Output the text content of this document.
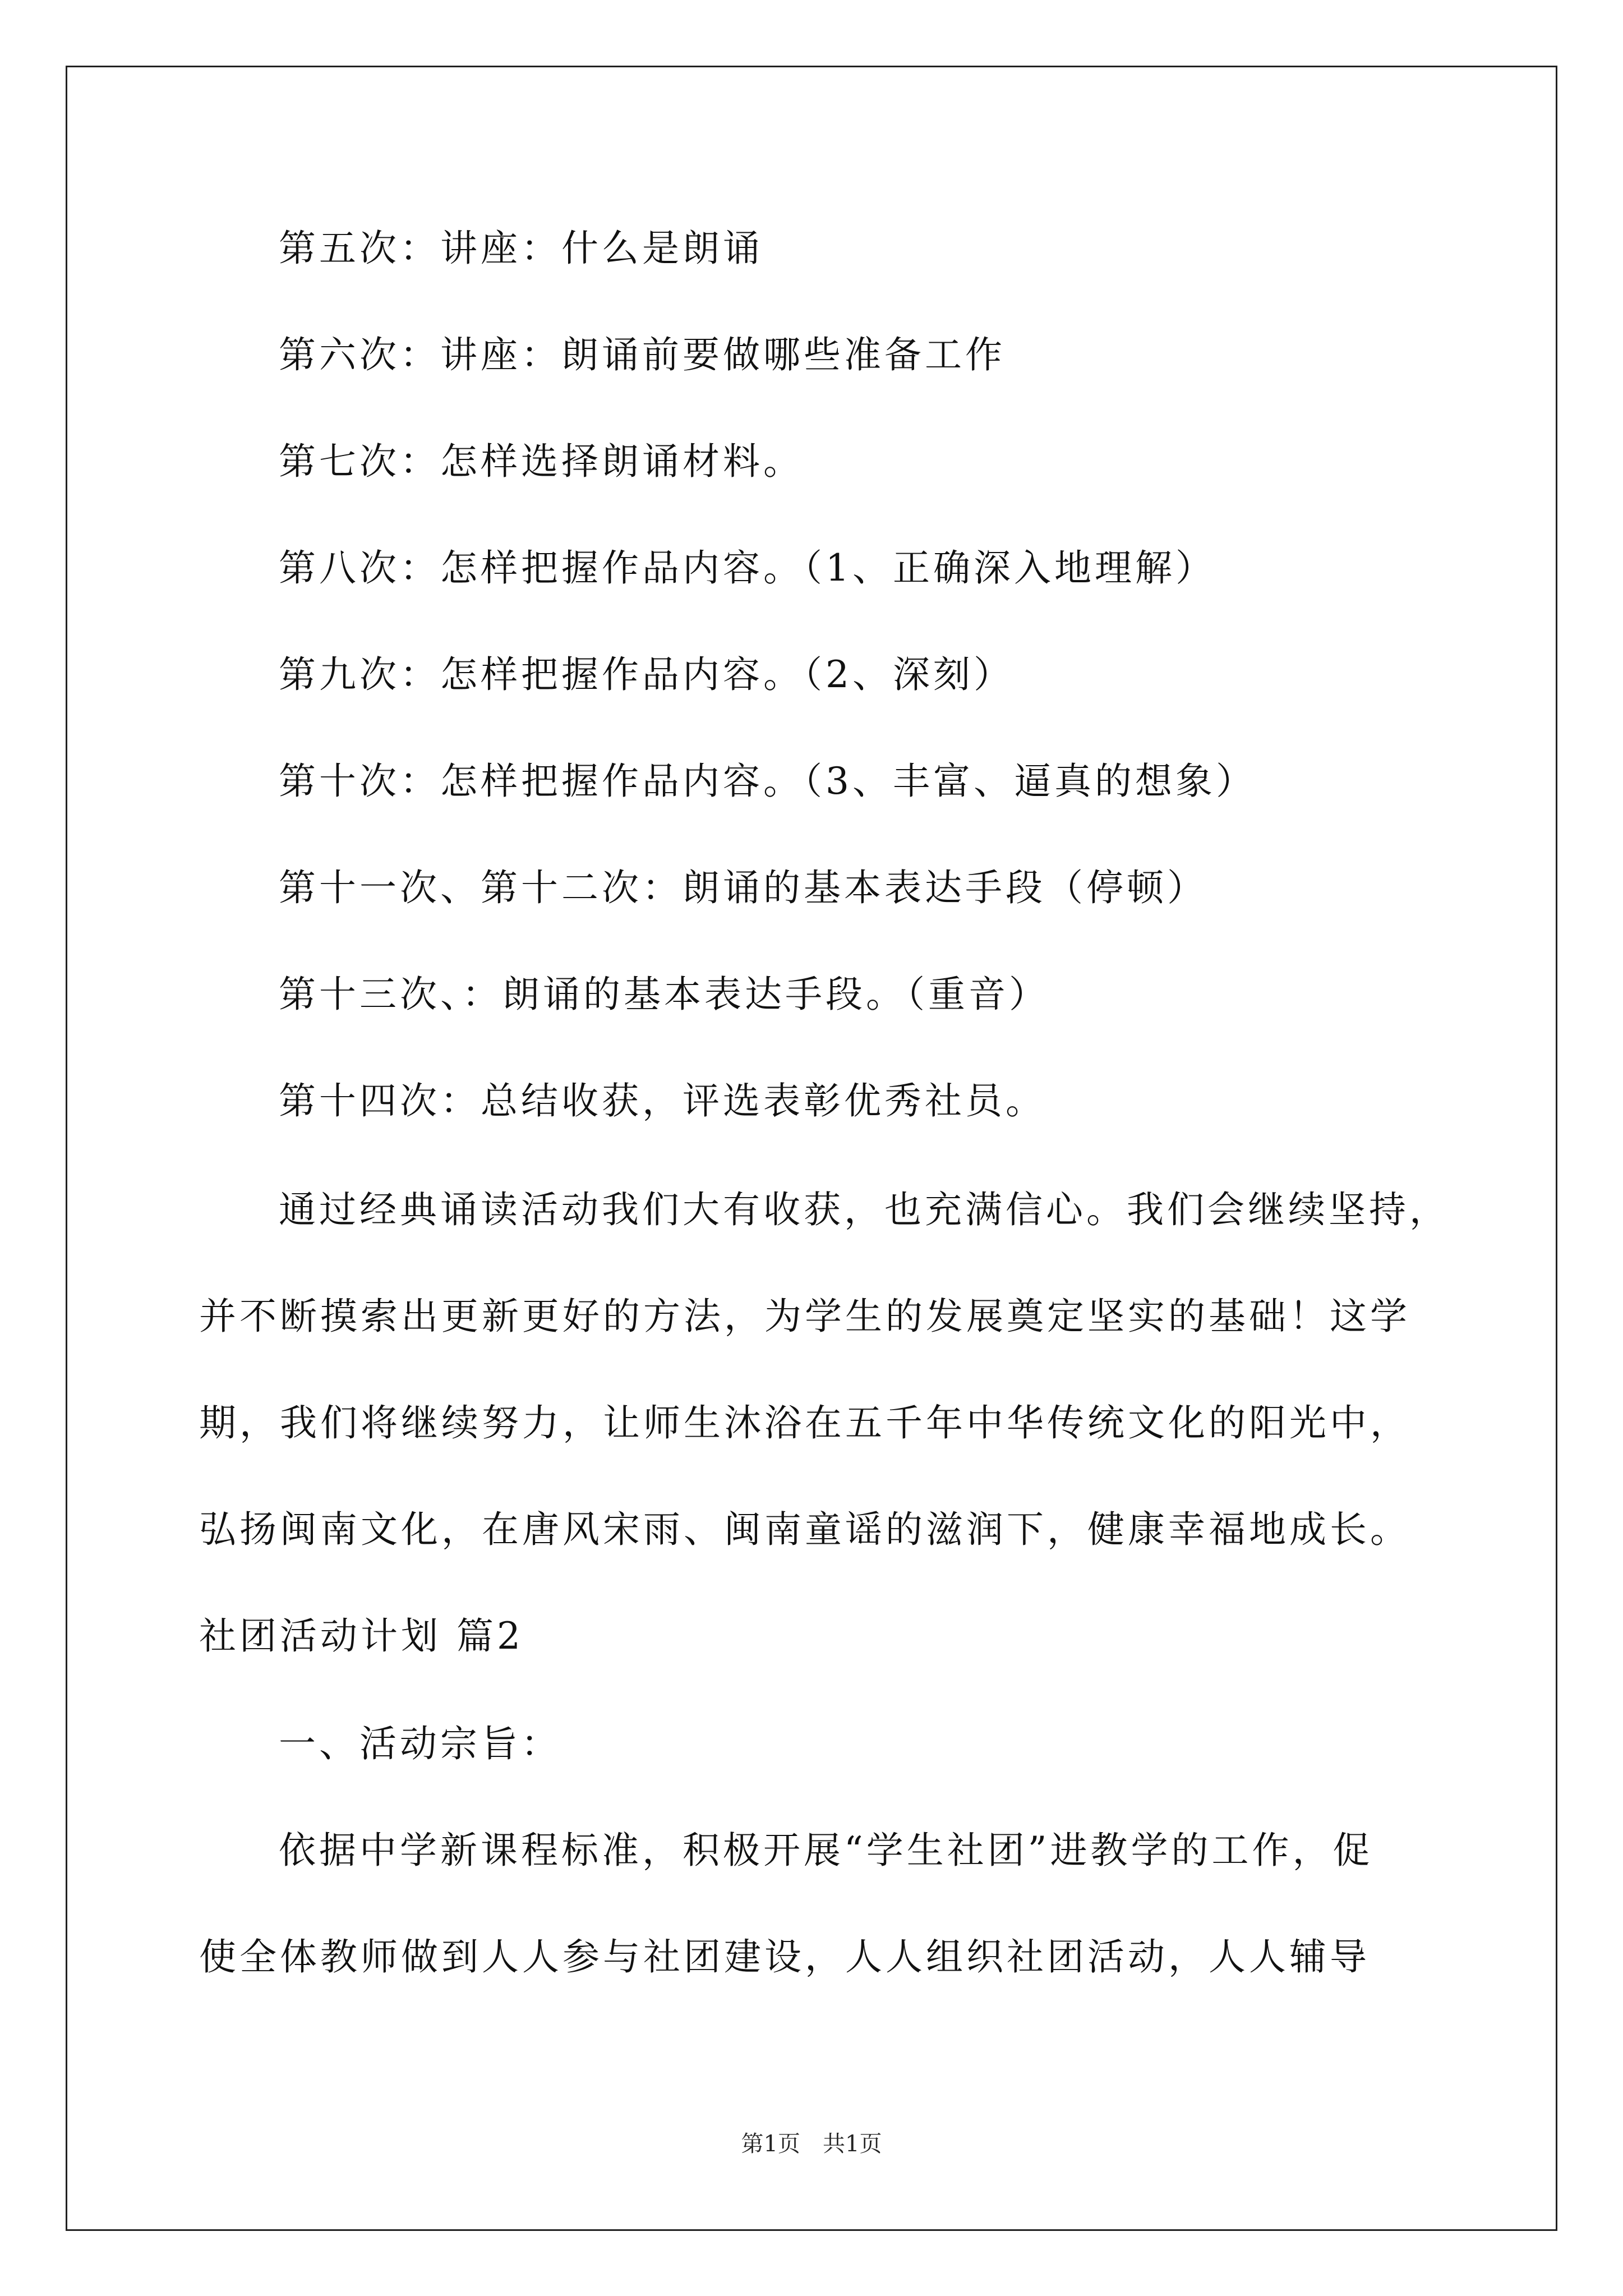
第五次：讲座：什么是朗诵
第六次：讲座：朗诵前要做哪些准备工作
第七次：怎样选择朗诵材料。
第八次：怎样把握作品内容。（1、正确深入地理解）
第九次：怎样把握作品内容。（2、深刻）
第十次：怎样把握作品内容。（3、丰富、逼真的想象）
第十一次、第十二次：朗诵的基本表达手段（停顿）
第十三次、：朗诵的基本表达手段。（重音）
第十四次：总结收获，评选表彰优秀社员。
通过经典诵读活动我们大有收获，也充满信心。我们会继续坚持，
并不断摸索出更新更好的方法，为学生的发展奠定坚实的基础！这学
期，我们将继续努力，让师生沐浴在五千年中华传统文化的阳光中，
弘扬闽南文化，在唐风宋雨、闽南童谣的滋润下，健康幸福地成长。
社团活动计划 篇2
一、活动宗旨：
依据中学新课程标准，积极开展“学生社团”进教学的工作，促
使全体教师做到人人参与社团建设，人人组织社团活动，人人辅导
第1页　共1页
